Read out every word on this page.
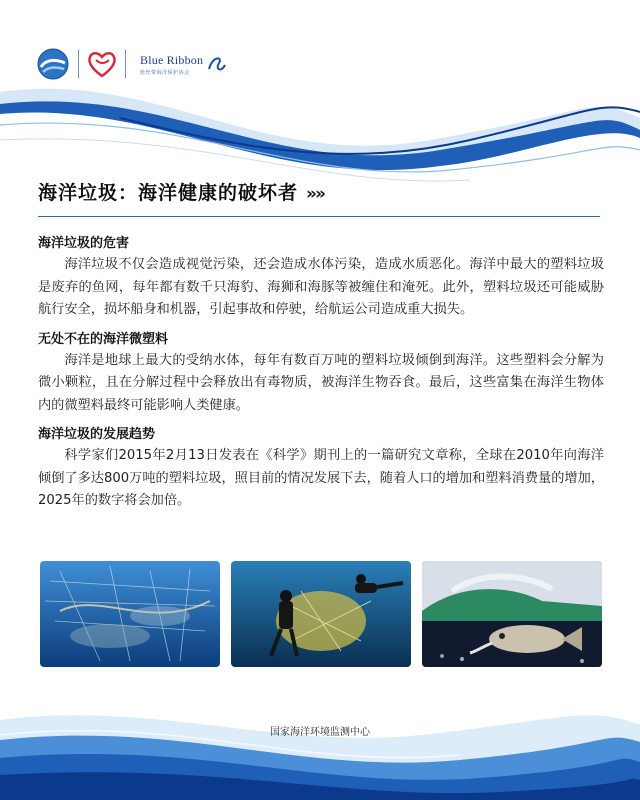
Blue Ribbon
蓝丝带海洋保护协会
海洋垃圾：海洋健康的破坏者 »»
海洋垃圾的危害

海洋垃圾不仅会造成视觉污染，还会造成水体污染，造成水质恶化。海洋中最大的塑料垃圾是废弃的鱼网，每年都有数千只海豹、海狮和海豚等被缠住和淹死。此外，塑料垃圾还可能威胁航行安全，损坏船身和机器，引起事故和停驶，给航运公司造成重大损失。

无处不在的海洋微塑料

海洋是地球上最大的受纳水体，每年有数百万吨的塑料垃圾倾倒到海洋。这些塑料会分解为微小颗粒，且在分解过程中会释放出有毒物质，被海洋生物吞食。最后，这些富集在海洋生物体内的微塑料最终可能影响人类健康。

海洋垃圾的发展趋势

科学家们2015年2月13日发表在《科学》期刊上的一篇研究文章称，全球在2010年向海洋倾倒了多达800万吨的塑料垃圾，照目前的情况发展下去，随着人口的增加和塑料消费量的增加，2025年的数字将会加倍。

国家海洋环境监测中心
